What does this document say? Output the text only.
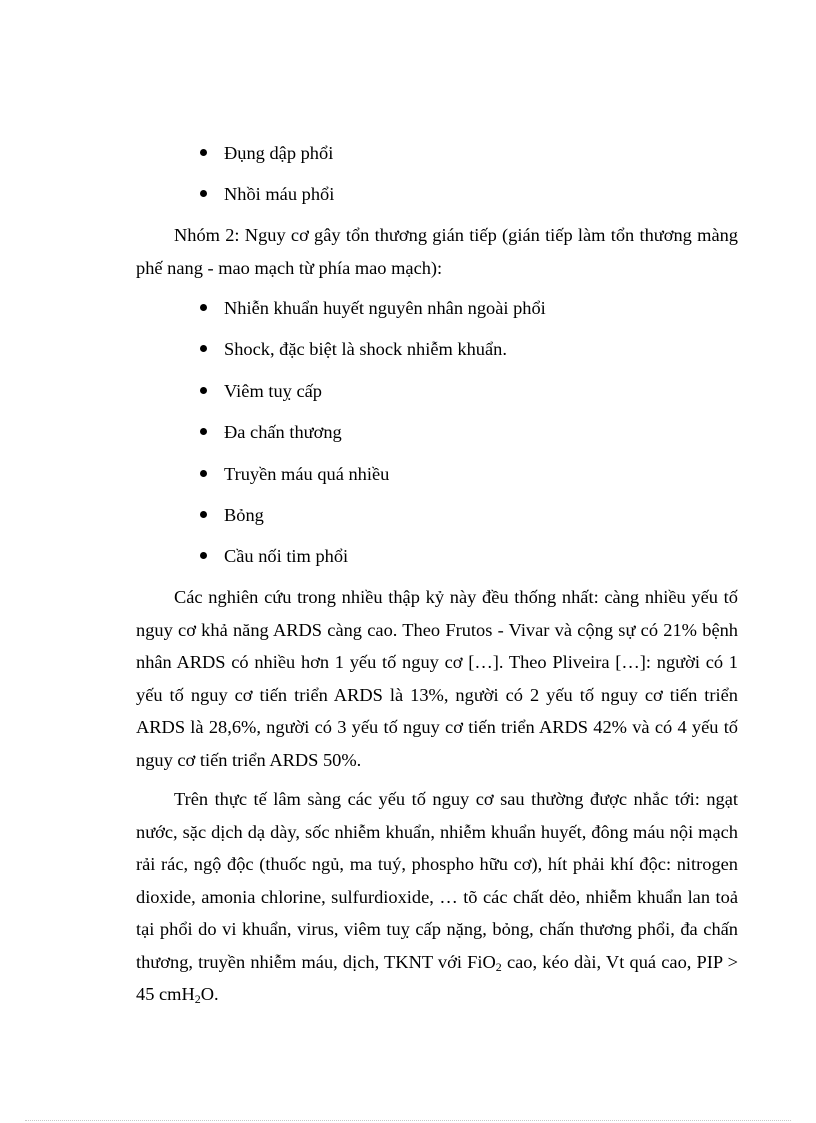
Đụng dập phổi
Nhồi máu phổi

Nhóm 2: Nguy cơ gây tổn thương gián tiếp (gián tiếp làm tổn thương màng phế nang - mao mạch từ phía mao mạch):

Nhiễn khuẩn huyết nguyên nhân ngoài phổi
Shock, đặc biệt là shock nhiễm khuẩn.
Viêm tuỵ cấp
Đa chấn thương
Truyền máu quá nhiều
Bỏng
Cầu nối tim phổi

Các nghiên cứu trong nhiều thập kỷ này đều thống nhất: càng nhiều yếu tố nguy cơ khả năng ARDS càng cao. Theo Frutos - Vivar và cộng sự có 21% bệnh nhân ARDS có nhiều hơn 1 yếu tố nguy cơ […]. Theo Pliveira […]: người có 1 yếu tố nguy cơ tiến triển ARDS là 13%, người có 2 yếu tố nguy cơ tiến triển ARDS là 28,6%, người có 3 yếu tố nguy cơ tiến triển ARDS 42% và có 4 yếu tố nguy cơ tiến triển ARDS 50%.

Trên thực tế lâm sàng các yếu tố nguy cơ sau thường được nhắc tới: ngạt nước, sặc dịch dạ dày, sốc nhiễm khuẩn, nhiễm khuẩn huyết, đông máu nội mạch rải rác, ngộ độc (thuốc ngủ, ma tuý, phospho hữu cơ), hít phải khí độc: nitrogen dioxide, amonia chlorine, sulfurdioxide, … tõ các chất dẻo, nhiễm khuẩn lan toả tại phổi do vi khuẩn, virus, viêm tuỵ cấp nặng, bỏng, chấn thương phổi, đa chấn thương, truyền nhiễm máu, dịch, TKNT với FiO$_2$ cao, kéo dài, Vt quá cao, PIP > 45 cmH$_2$O.
